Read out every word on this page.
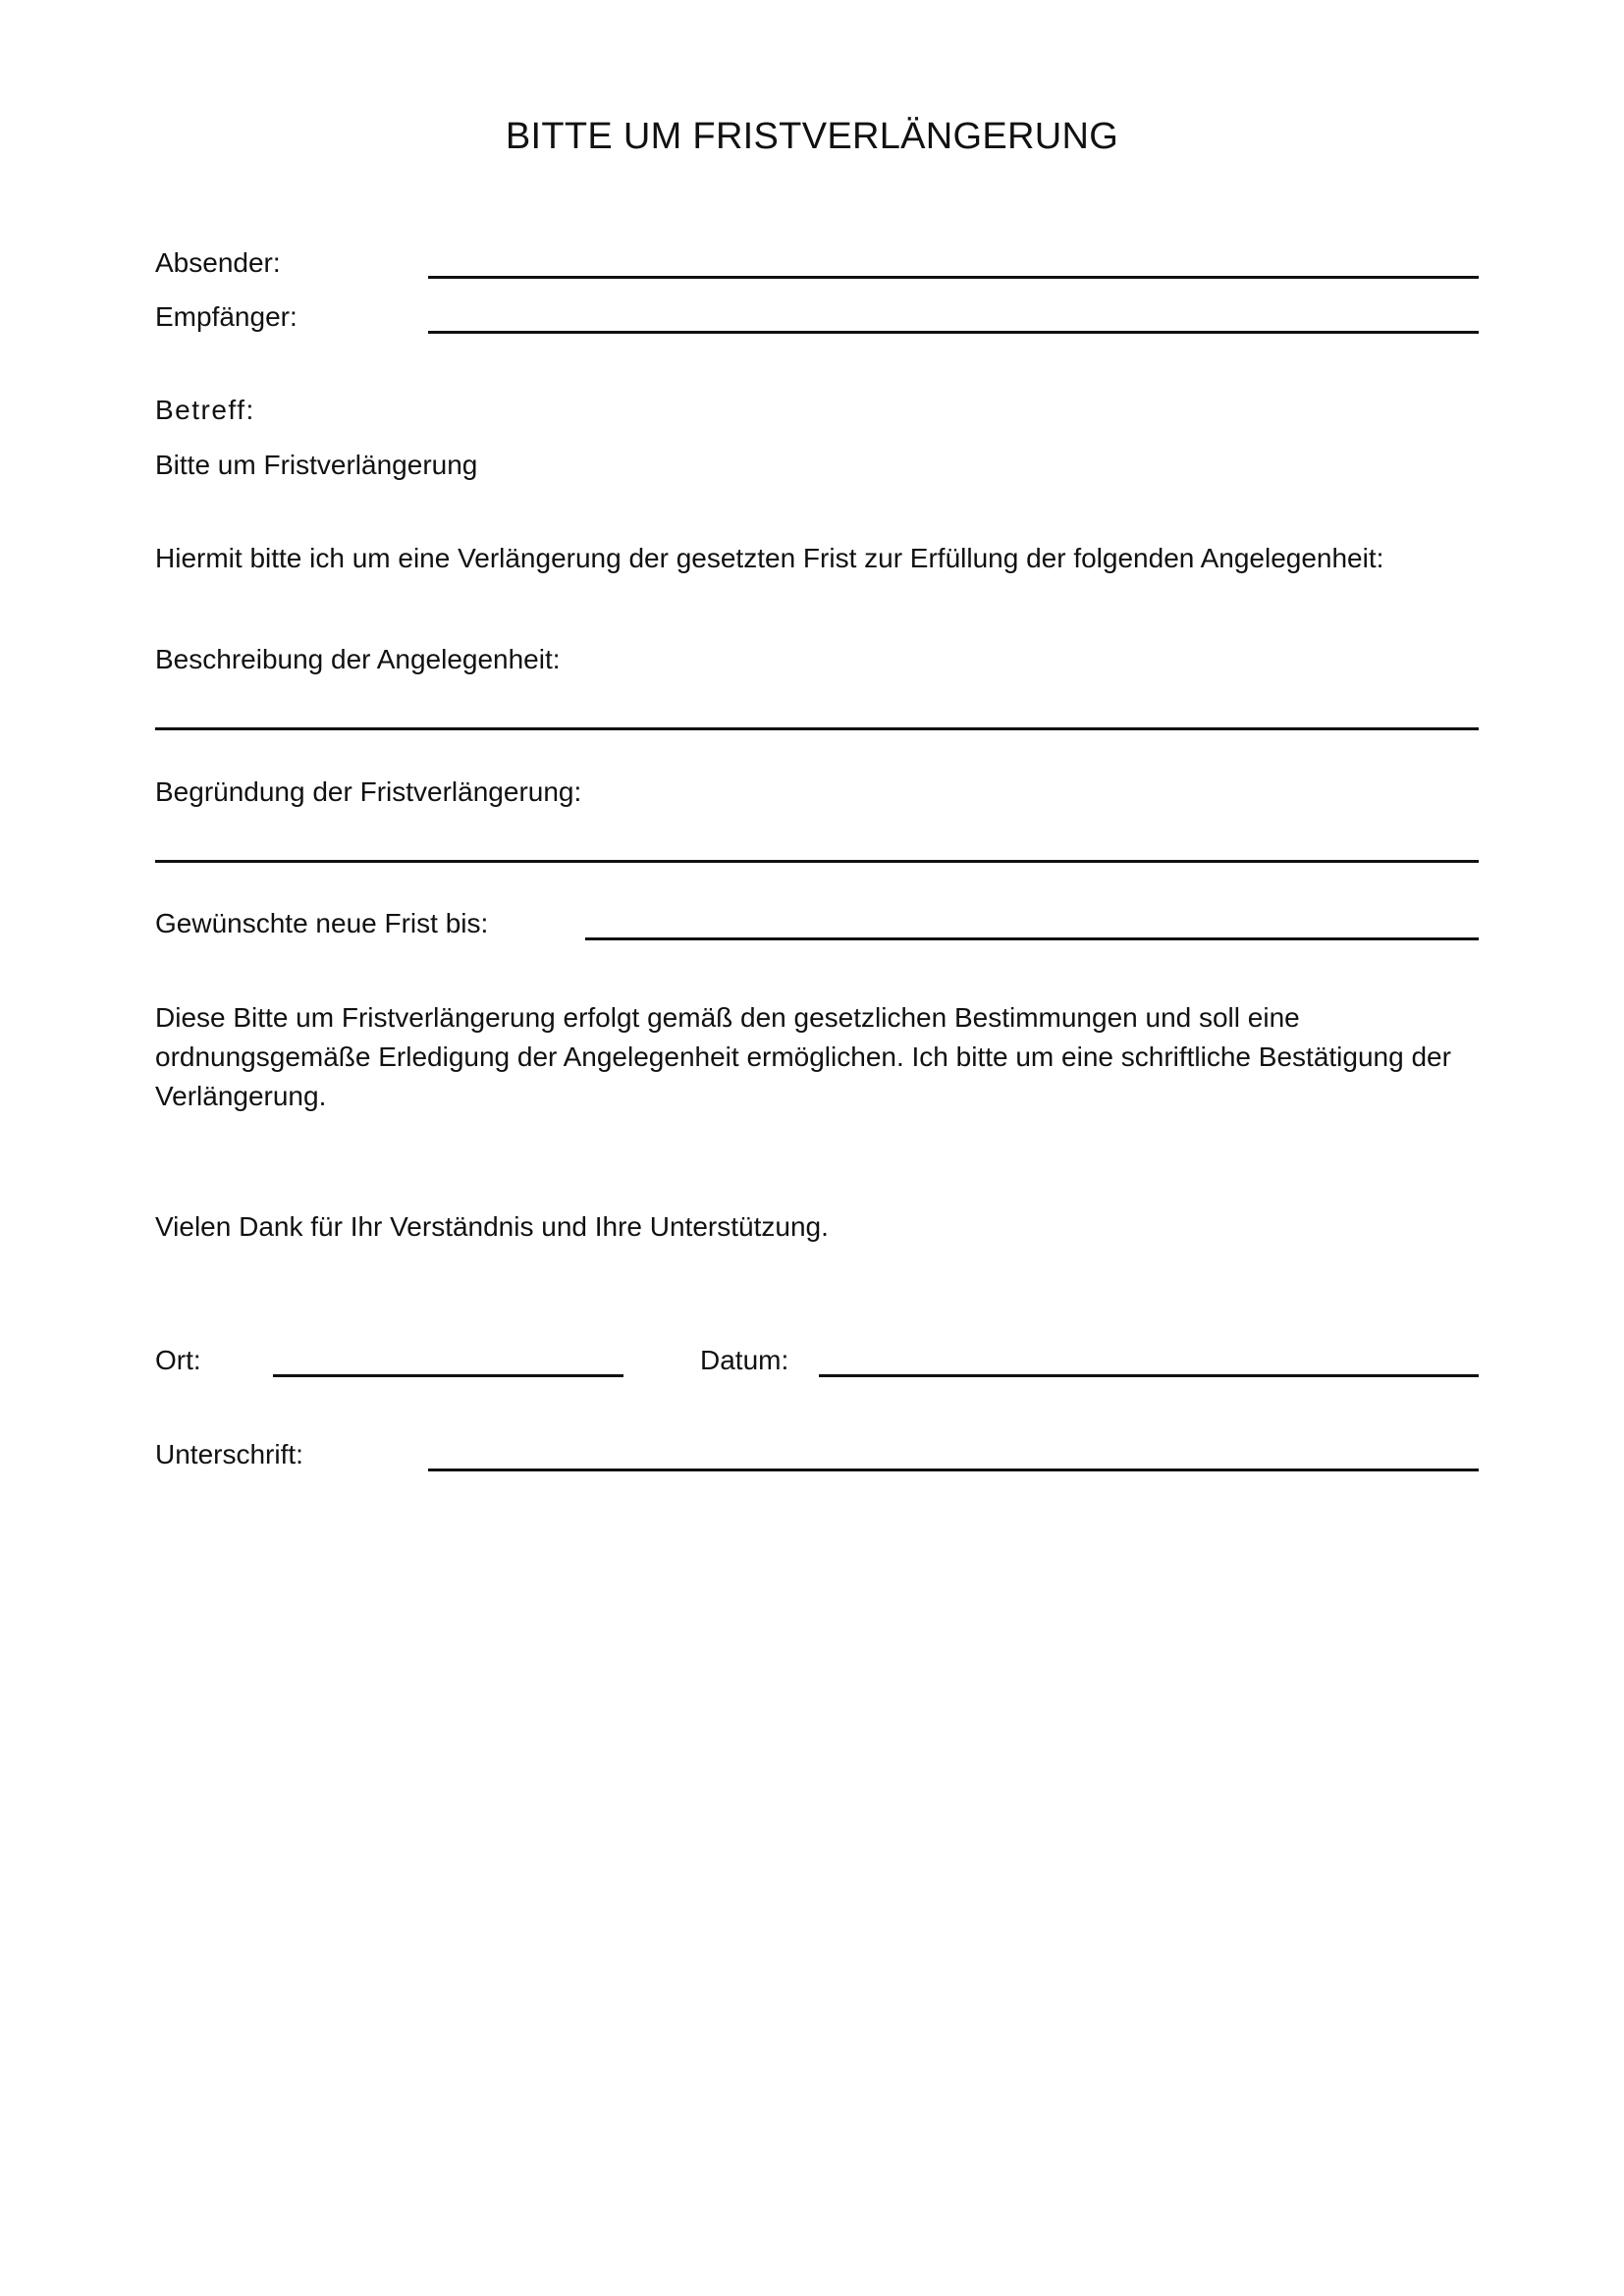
BITTE UM FRISTVERLÄNGERUNG
Absender:
Empfänger:
Betreff:
Bitte um Fristverlängerung
Hiermit bitte ich um eine Verlängerung der gesetzten Frist zur Erfüllung der folgenden Angelegenheit:
Beschreibung der Angelegenheit:
Begründung der Fristverlängerung:
Gewünschte neue Frist bis:
Diese Bitte um Fristverlängerung erfolgt gemäß den gesetzlichen Bestimmungen und soll eine ordnungsgemäße Erledigung der Angelegenheit ermöglichen. Ich bitte um eine schriftliche Bestätigung der Verlängerung.
Vielen Dank für Ihr Verständnis und Ihre Unterstützung.
Ort:	Datum:
Unterschrift:
